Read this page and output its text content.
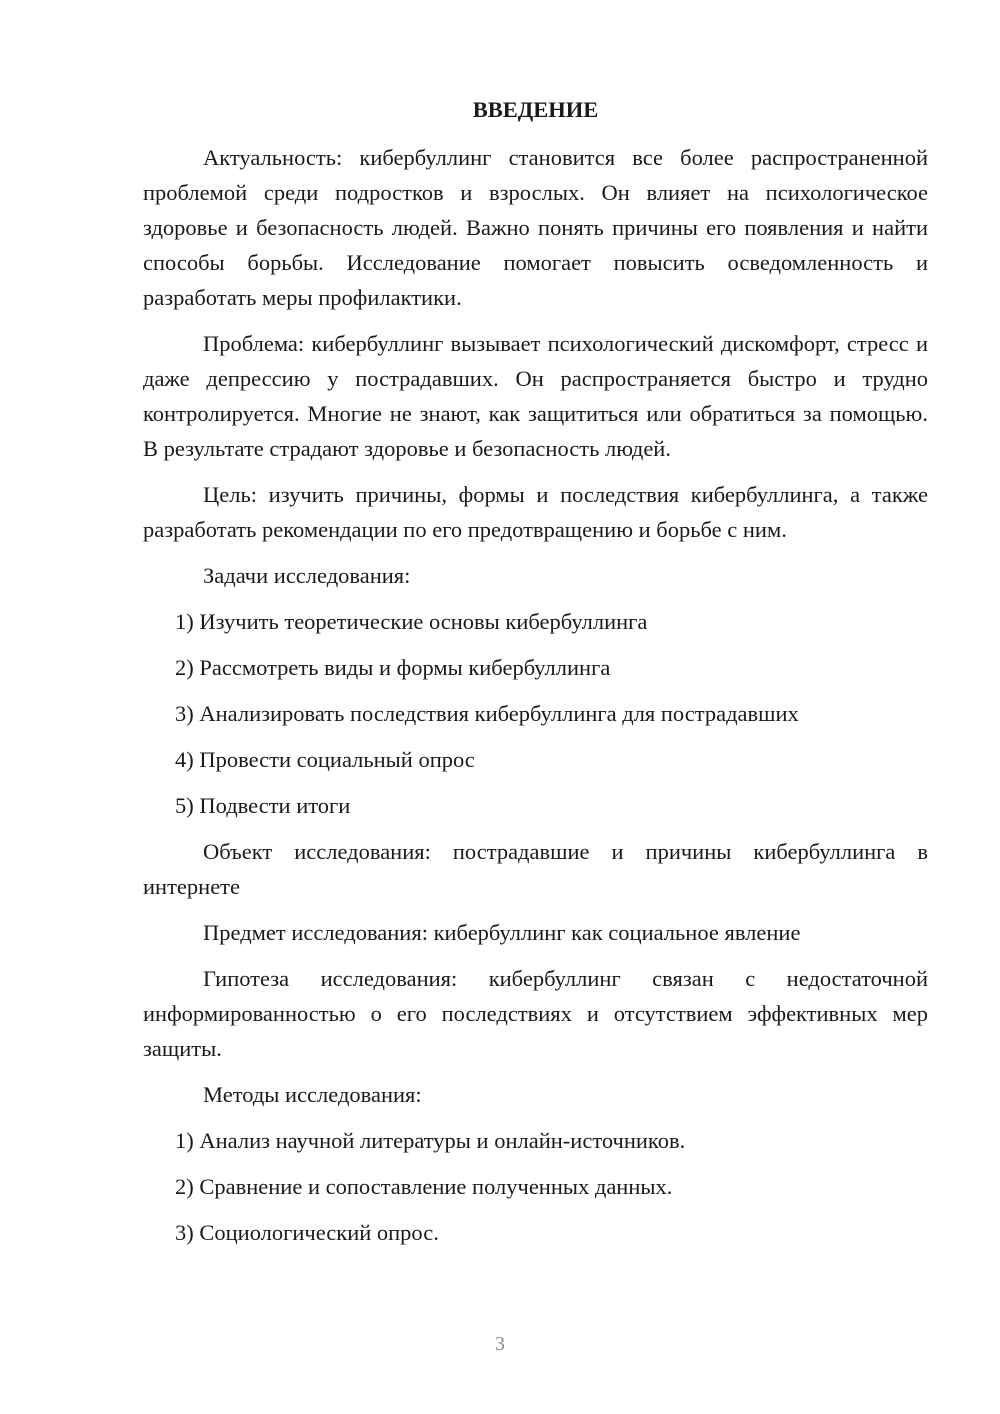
ВВЕДЕНИЕ

Актуальность: кибербуллинг становится все более распространенной проблемой среди подростков и взрослых. Он влияет на психологическое здоровье и безопасность людей. Важно понять причины его появления и найти способы борьбы. Исследование помогает повысить осведомленность и разработать меры профилактики.

Проблема: кибербуллинг вызывает психологический дискомфорт, стресс и даже депрессию у пострадавших. Он распространяется быстро и трудно контролируется. Многие не знают, как защититься или обратиться за помощью. В результате страдают здоровье и безопасность людей.

Цель: изучить причины, формы и последствия кибербуллинга, а также разработать рекомендации по его предотвращению и борьбе с ним.

Задачи исследования:

1) Изучить теоретические основы кибербуллинга

2) Рассмотреть виды и формы кибербуллинга

3) Анализировать последствия кибербуллинга для пострадавших

4) Провести социальный опрос

5) Подвести итоги

Объект исследования: пострадавшие и причины кибербуллинга в интернете

Предмет исследования: кибербуллинг как социальное явление

Гипотеза исследования: кибербуллинг связан с недостаточной информированностью о его последствиях и отсутствием эффективных мер защиты.

Методы исследования:

1) Анализ научной литературы и онлайн-источников.

2) Сравнение и сопоставление полученных данных.

3) Социологический опрос.

3
